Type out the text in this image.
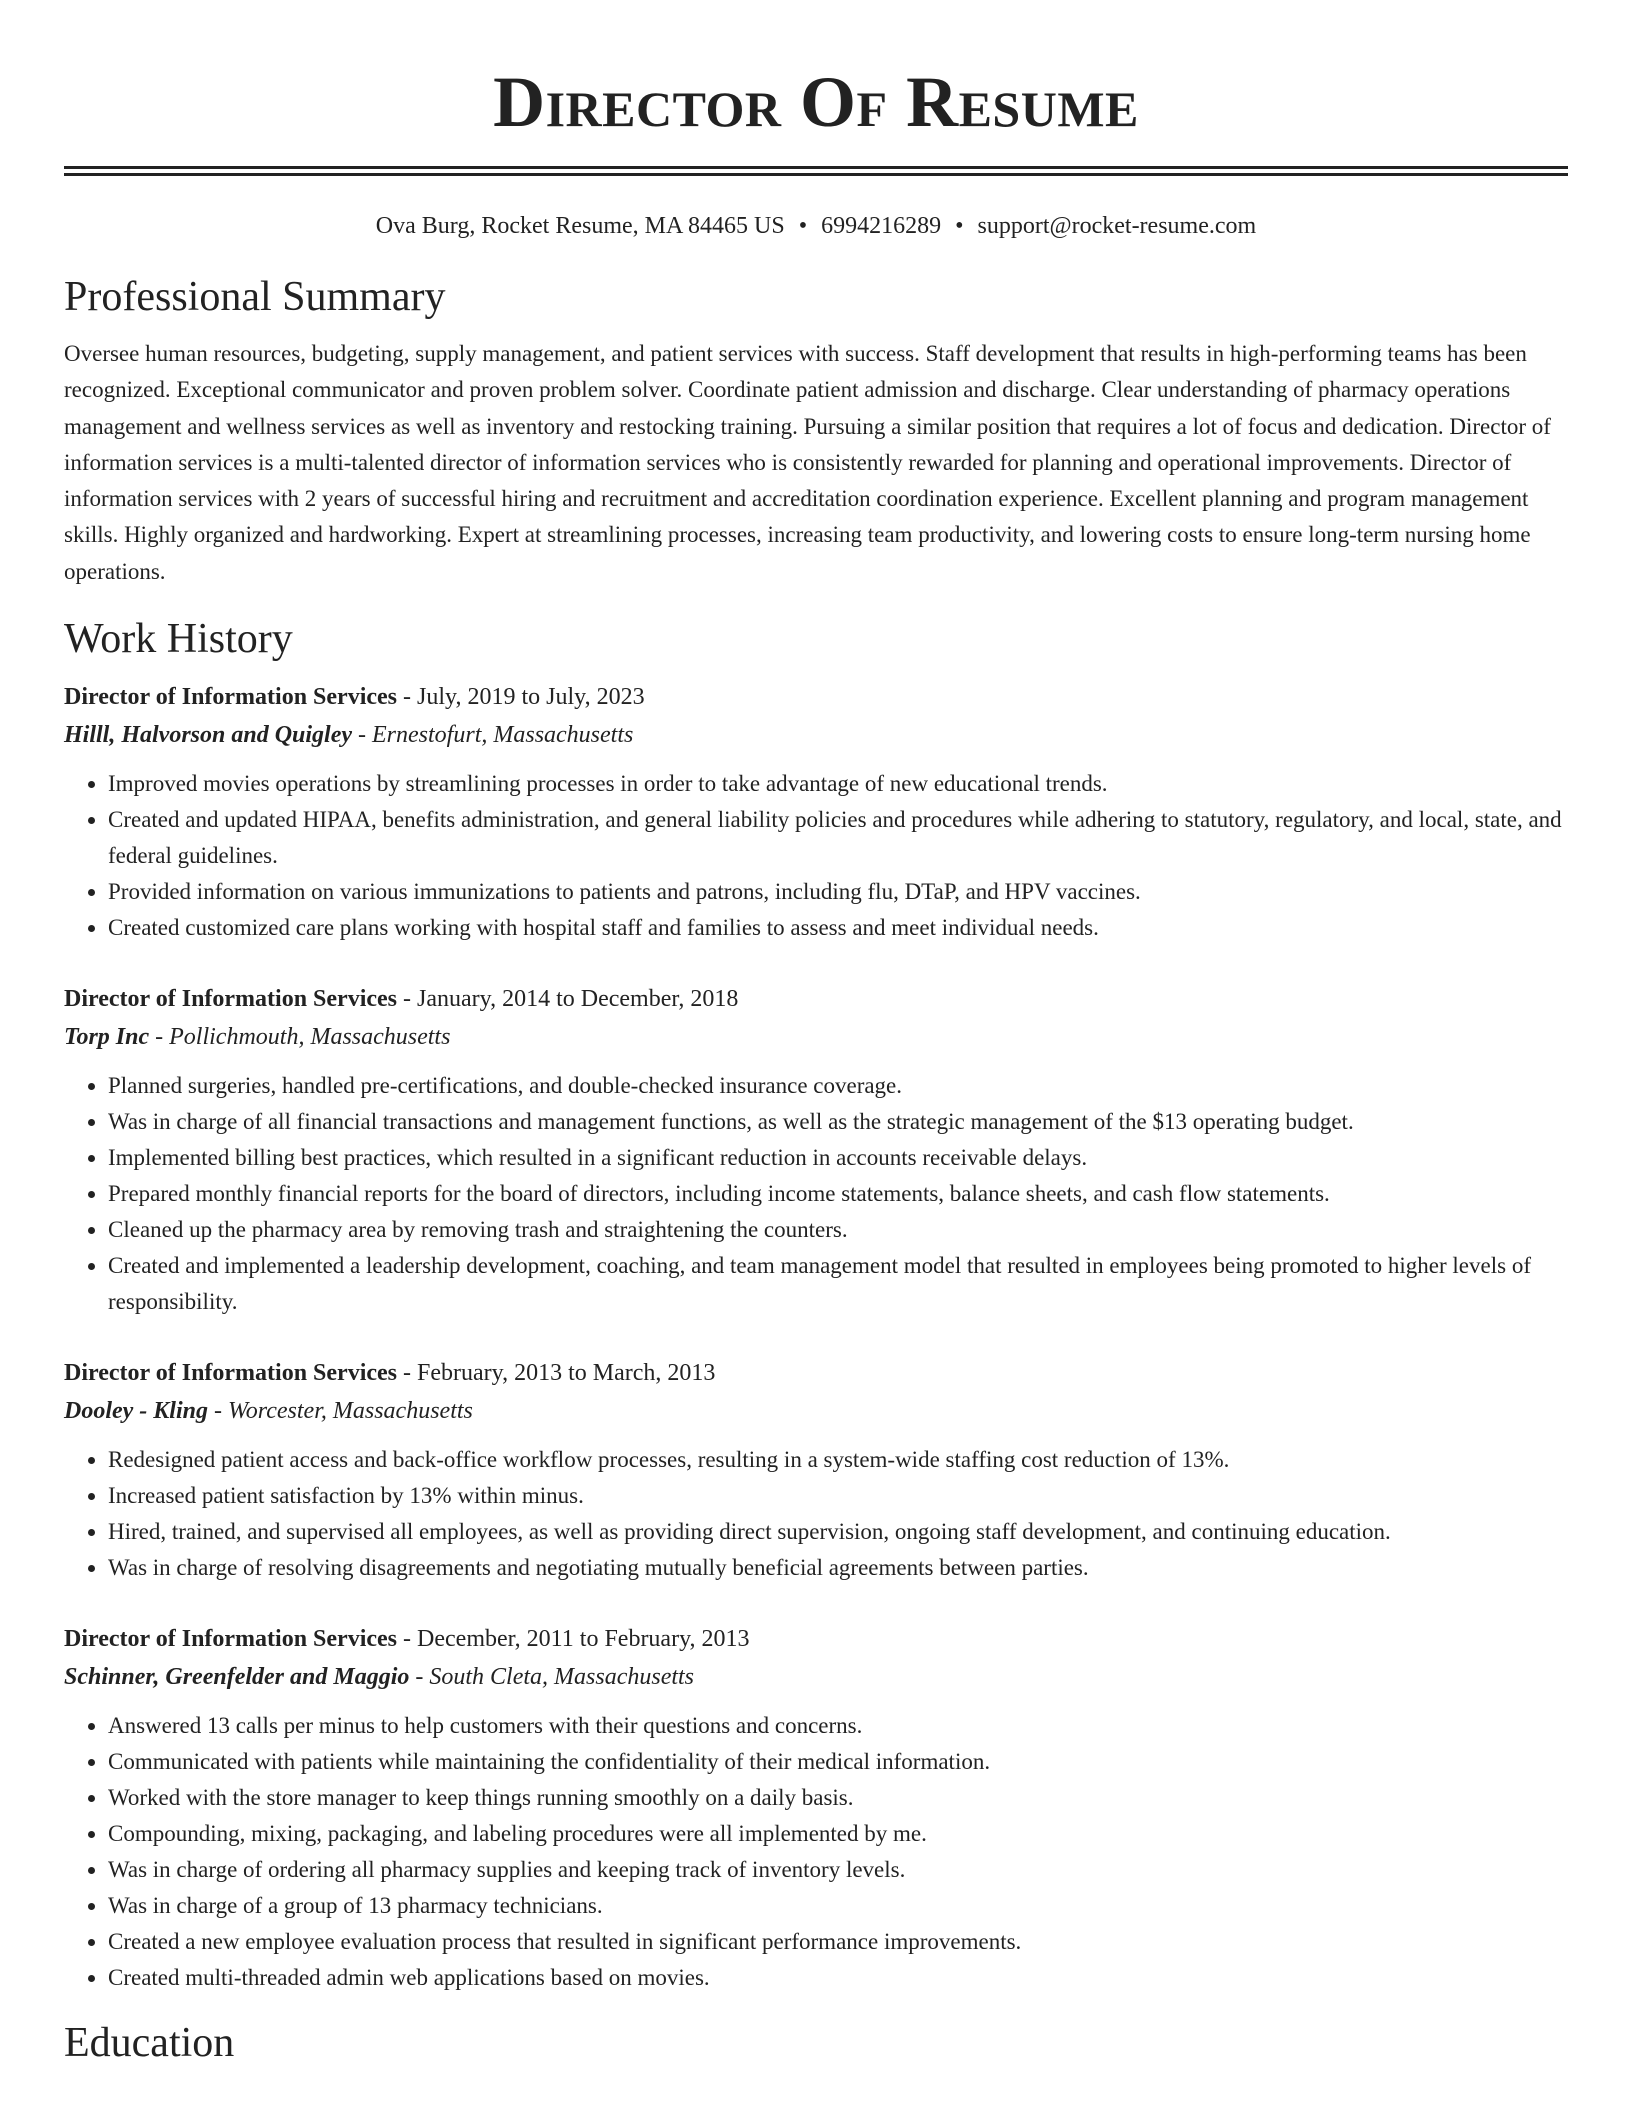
Director Of Resume
Ova Burg, Rocket Resume, MA 84465 US • 6994216289 • support@rocket-resume.com
Professional Summary

Oversee human resources, budgeting, supply management, and patient services with success. Staff development that results in high-performing teams has been recognized. Exceptional communicator and proven problem solver. Coordinate patient admission and discharge. Clear understanding of pharmacy operations management and wellness services as well as inventory and restocking training. Pursuing a similar position that requires a lot of focus and dedication. Director of information services is a multi-talented director of information services who is consistently rewarded for planning and operational improvements. Director of information services with 2 years of successful hiring and recruitment and accreditation coordination experience. Excellent planning and program management skills. Highly organized and hardworking. Expert at streamlining processes, increasing team productivity, and lowering costs to ensure long-term nursing home operations.

Work History
Director of Information Services - July, 2019 to July, 2023
Hilll, Halvorson and Quigley - Ernestofurt, Massachusetts
• Improved movies operations by streamlining processes in order to take advantage of new educational trends.
• Created and updated HIPAA, benefits administration, and general liability policies and procedures while adhering to statutory, regulatory, and local, state, and federal guidelines.
• Provided information on various immunizations to patients and patrons, including flu, DTaP, and HPV vaccines.
• Created customized care plans working with hospital staff and families to assess and meet individual needs.
Director of Information Services - January, 2014 to December, 2018
Torp Inc - Pollichmouth, Massachusetts
• Planned surgeries, handled pre-certifications, and double-checked insurance coverage.
• Was in charge of all financial transactions and management functions, as well as the strategic management of the $13 operating budget.
• Implemented billing best practices, which resulted in a significant reduction in accounts receivable delays.
• Prepared monthly financial reports for the board of directors, including income statements, balance sheets, and cash flow statements.
• Cleaned up the pharmacy area by removing trash and straightening the counters.
• Created and implemented a leadership development, coaching, and team management model that resulted in employees being promoted to higher levels of responsibility.
Director of Information Services - February, 2013 to March, 2013
Dooley - Kling - Worcester, Massachusetts
• Redesigned patient access and back-office workflow processes, resulting in a system-wide staffing cost reduction of 13%.
• Increased patient satisfaction by 13% within minus.
• Hired, trained, and supervised all employees, as well as providing direct supervision, ongoing staff development, and continuing education.
• Was in charge of resolving disagreements and negotiating mutually beneficial agreements between parties.
Director of Information Services - December, 2011 to February, 2013
Schinner, Greenfelder and Maggio - South Cleta, Massachusetts
• Answered 13 calls per minus to help customers with their questions and concerns.
• Communicated with patients while maintaining the confidentiality of their medical information.
• Worked with the store manager to keep things running smoothly on a daily basis.
• Compounding, mixing, packaging, and labeling procedures were all implemented by me.
• Was in charge of ordering all pharmacy supplies and keeping track of inventory levels.
• Was in charge of a group of 13 pharmacy technicians.
• Created a new employee evaluation process that resulted in significant performance improvements.
• Created multi-threaded admin web applications based on movies.
Education
